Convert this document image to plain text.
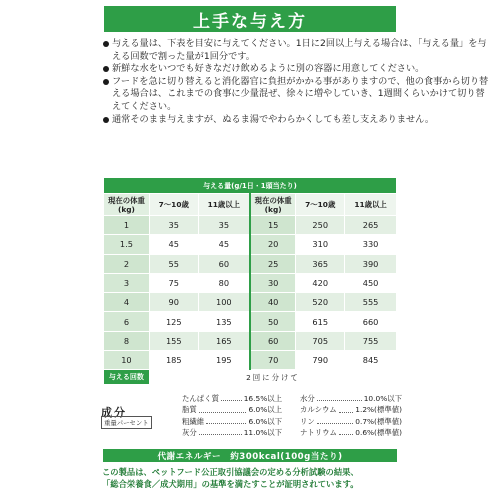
上手な与え方

与える量は、下表を目安に与えてください。1日に2回以上与える場合は、「与える量」を与える回数で割った量が1回分です。

新鮮な水をいつでも好きなだけ飲めるように別の容器に用意してください。

フードを急に切り替えると消化器官に負担がかかる事がありますので、他の食事から切り替える場合は、これまでの食事に少量混ぜ、徐々に増やしていき、1週間くらいかけて切り替えてください。

通常そのまま与えますが、ぬるま湯でやわらかくしても差し支えありません。

与える量(g/1日・1頭当たり)					
現在の体重
(kg)	7〜10歳	11歳以上	現在の体重
(kg)	7〜10歳	11歳以上
1	35	35	15	250	265
1.5	45	45	20	310	330
2	55	60	25	365	390
3	75	80	30	420	450
4	90	100	40	520	555
6	125	135	50	615	660
8	155	165	60	705	755
10	185	195	70	790	845
与える回数	2回に分けて				
成分
重量パーセント
たんぱく質	16.5%以上
脂質	6.0%以上
粗繊維	6.0%以下
灰分	11.0%以下
水分	10.0%以下
カルシウム	1.2%(標準値)
リン	0.7%(標準値)
ナトリウム 0.6%(標準値)
代謝エネルギー　約300kcal(100g当たり)

この製品は、ペットフード公正取引協議会の定める分析試験の結果、

「総合栄養食／成犬期用」の基準を満たすことが証明されています。
